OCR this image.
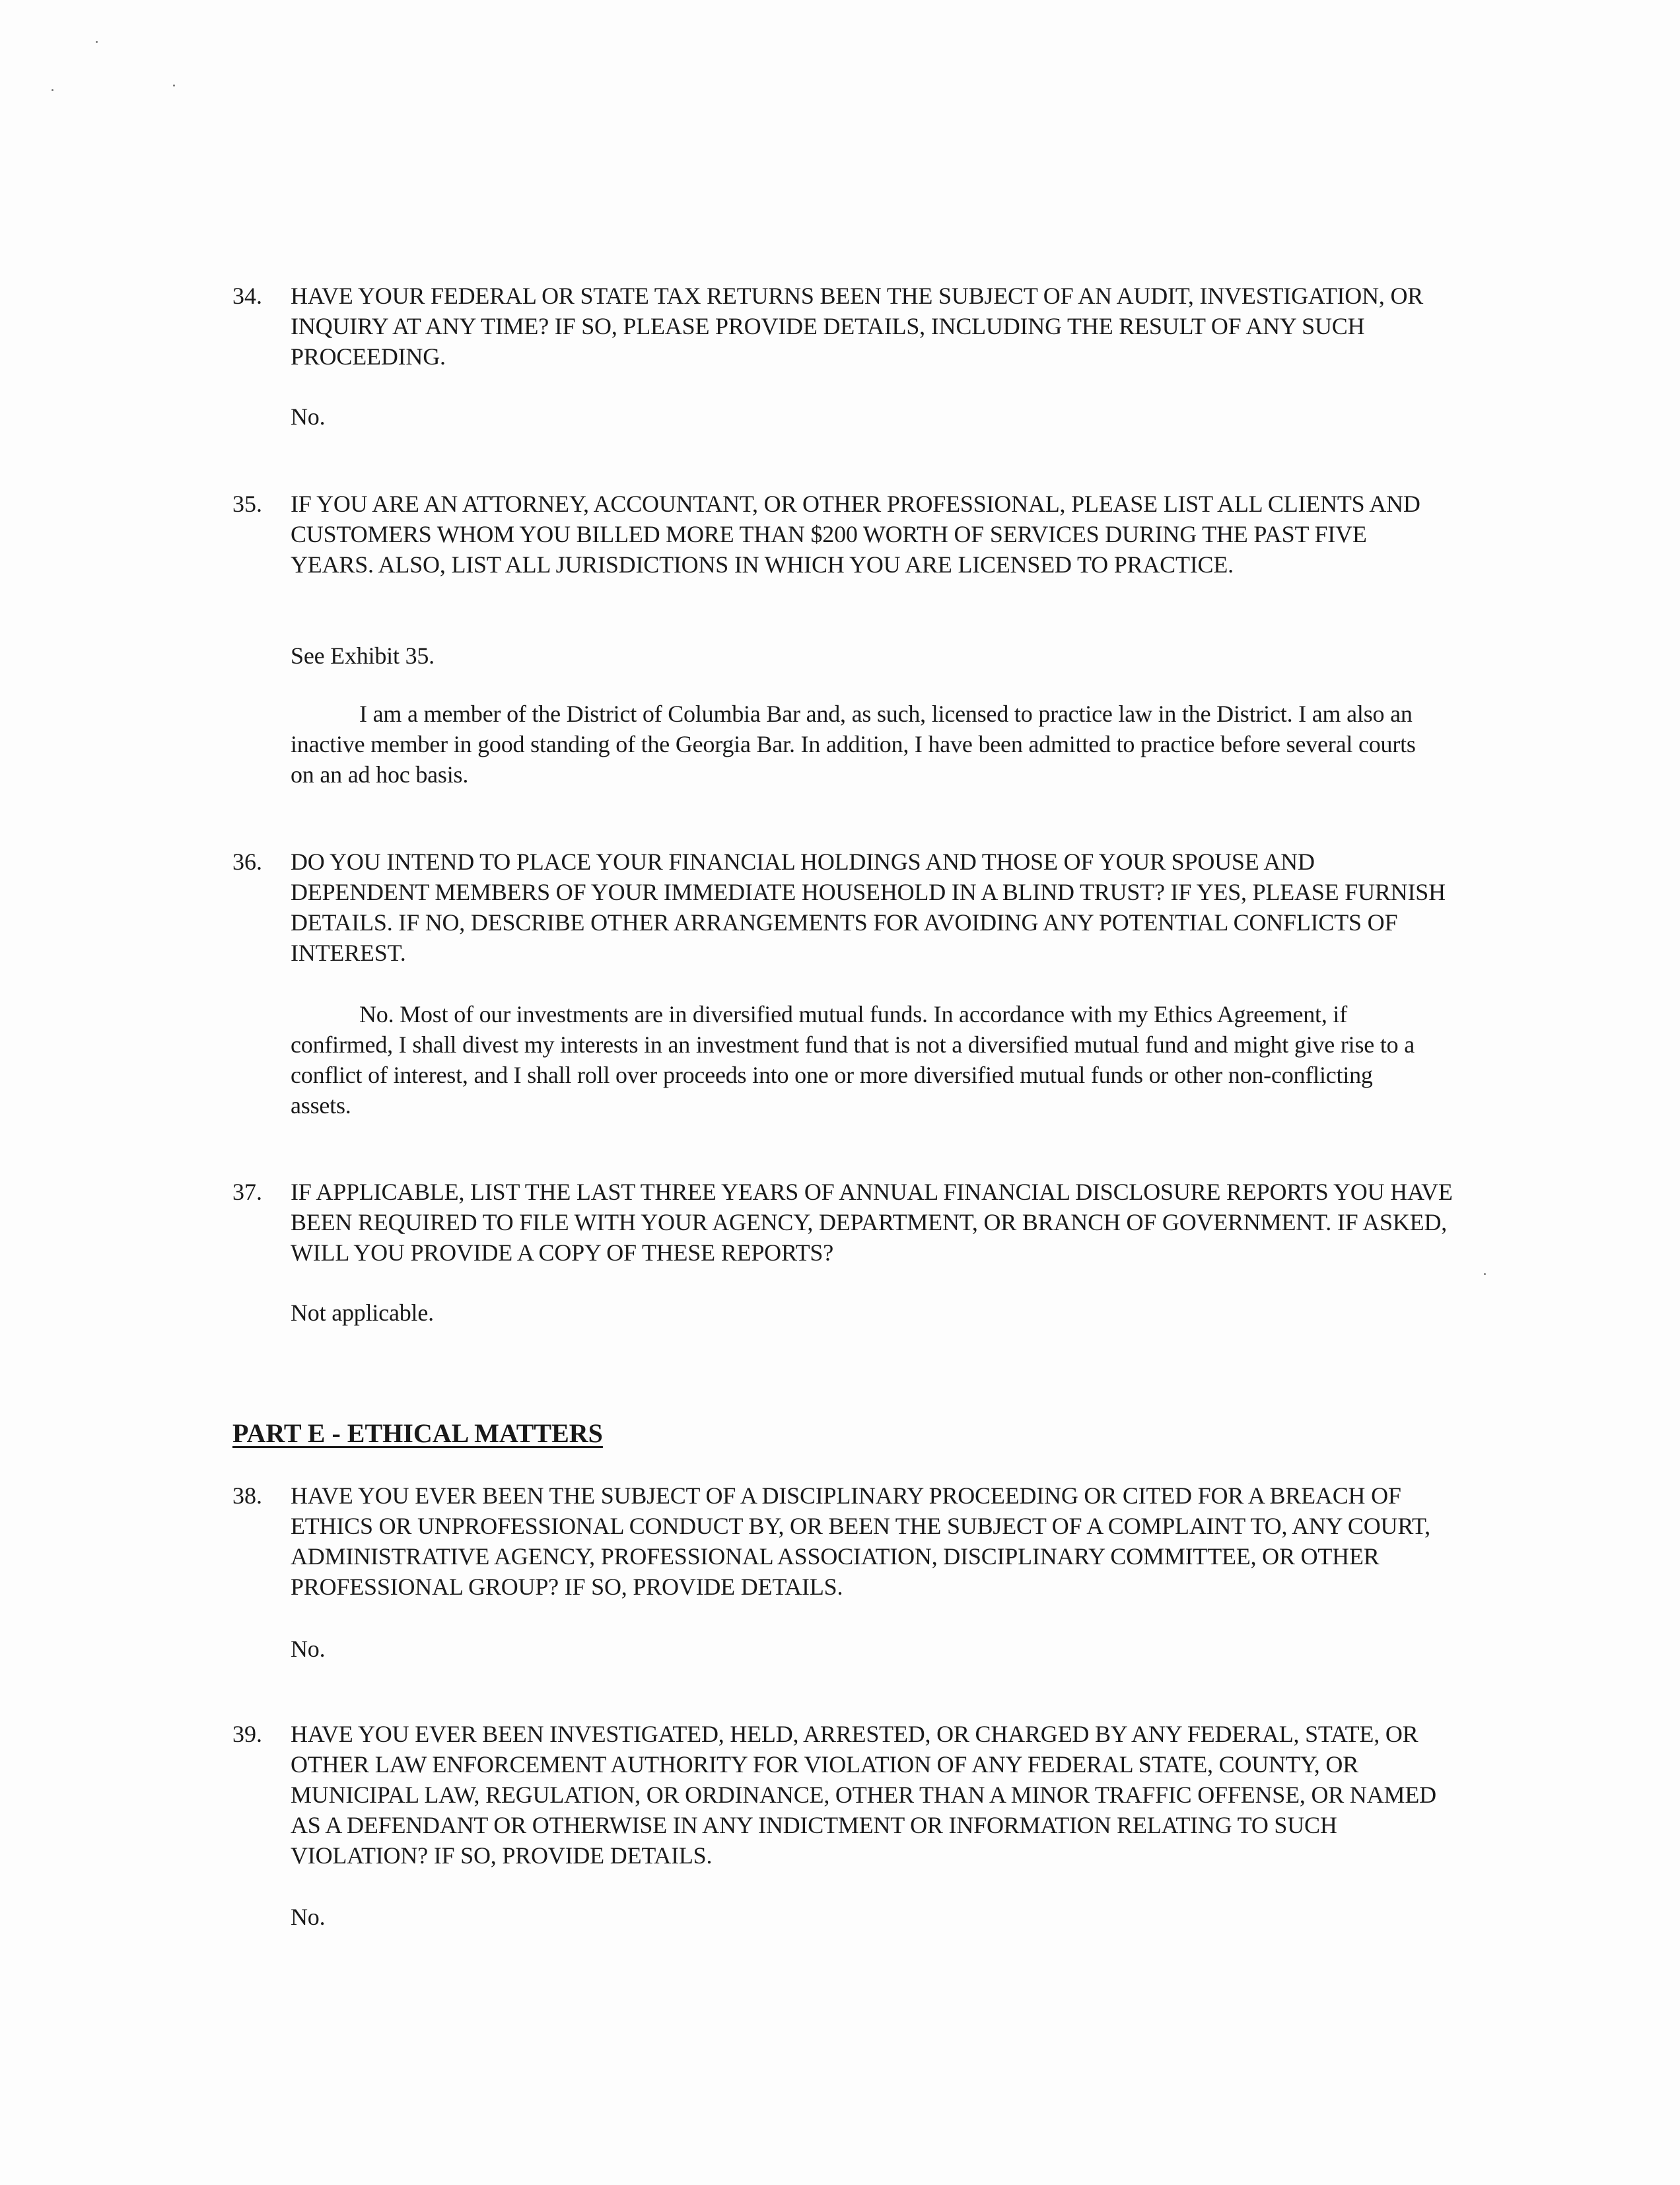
34.	HAVE YOUR FEDERAL OR STATE TAX RETURNS BEEN THE SUBJECT OF AN AUDIT, INVESTIGATION, OR INQUIRY AT ANY TIME? IF SO, PLEASE PROVIDE DETAILS, INCLUDING THE RESULT OF ANY SUCH PROCEEDING.
No.
35.	IF YOU ARE AN ATTORNEY, ACCOUNTANT, OR OTHER PROFESSIONAL, PLEASE LIST ALL CLIENTS AND CUSTOMERS WHOM YOU BILLED MORE THAN $200 WORTH OF SERVICES DURING THE PAST FIVE YEARS. ALSO, LIST ALL JURISDICTIONS IN WHICH YOU ARE LICENSED TO PRACTICE.
See Exhibit 35.
I am a member of the District of Columbia Bar and, as such, licensed to practice law in the District. I am also an inactive member in good standing of the Georgia Bar. In addition, I have been admitted to practice before several courts on an ad hoc basis.
36.	DO YOU INTEND TO PLACE YOUR FINANCIAL HOLDINGS AND THOSE OF YOUR SPOUSE AND DEPENDENT MEMBERS OF YOUR IMMEDIATE HOUSEHOLD IN A BLIND TRUST? IF YES, PLEASE FURNISH DETAILS. IF NO, DESCRIBE OTHER ARRANGEMENTS FOR AVOIDING ANY POTENTIAL CONFLICTS OF INTEREST.
No. Most of our investments are in diversified mutual funds. In accordance with my Ethics Agreement, if confirmed, I shall divest my interests in an investment fund that is not a diversified mutual fund and might give rise to a conflict of interest, and I shall roll over proceeds into one or more diversified mutual funds or other non-conflicting assets.
37.	IF APPLICABLE, LIST THE LAST THREE YEARS OF ANNUAL FINANCIAL DISCLOSURE REPORTS YOU HAVE BEEN REQUIRED TO FILE WITH YOUR AGENCY, DEPARTMENT, OR BRANCH OF GOVERNMENT. IF ASKED, WILL YOU PROVIDE A COPY OF THESE REPORTS?
Not applicable.
PART E - ETHICAL MATTERS
38.	HAVE YOU EVER BEEN THE SUBJECT OF A DISCIPLINARY PROCEEDING OR CITED FOR A BREACH OF ETHICS OR UNPROFESSIONAL CONDUCT BY, OR BEEN THE SUBJECT OF A COMPLAINT TO, ANY COURT, ADMINISTRATIVE AGENCY, PROFESSIONAL ASSOCIATION, DISCIPLINARY COMMITTEE, OR OTHER PROFESSIONAL GROUP? IF SO, PROVIDE DETAILS.
No.
39.	HAVE YOU EVER BEEN INVESTIGATED, HELD, ARRESTED, OR CHARGED BY ANY FEDERAL, STATE, OR OTHER LAW ENFORCEMENT AUTHORITY FOR VIOLATION OF ANY FEDERAL STATE, COUNTY, OR MUNICIPAL LAW, REGULATION, OR ORDINANCE, OTHER THAN A MINOR TRAFFIC OFFENSE, OR NAMED AS A DEFENDANT OR OTHERWISE IN ANY INDICTMENT OR INFORMATION RELATING TO SUCH VIOLATION? IF SO, PROVIDE DETAILS.
No.
